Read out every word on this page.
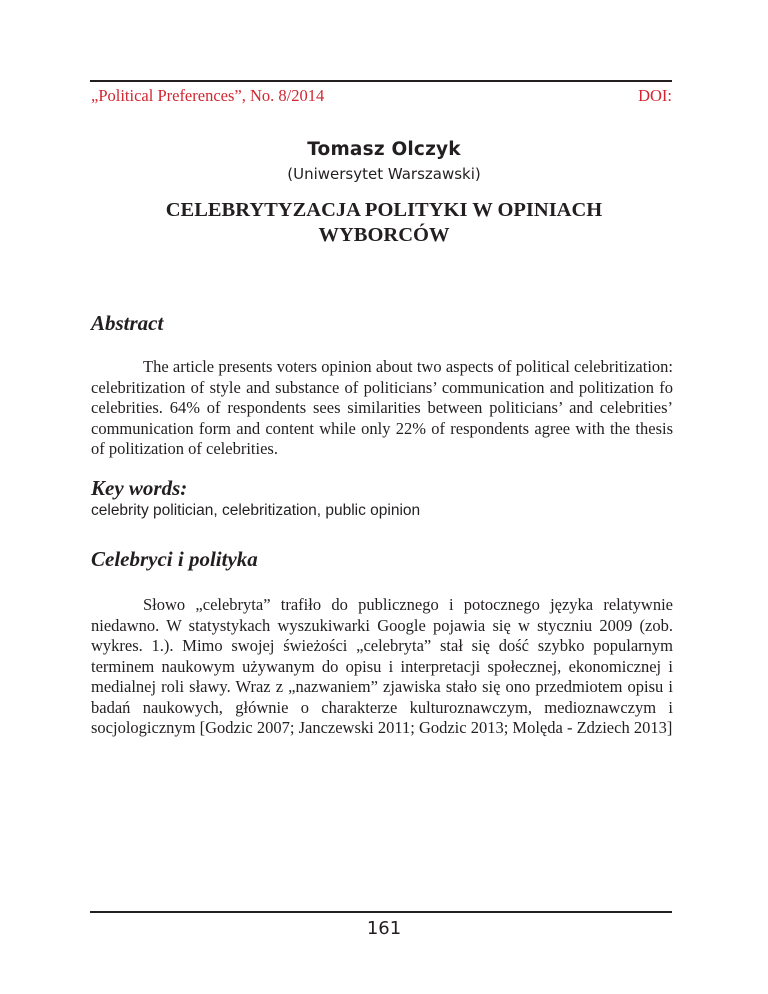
„Political Preferences”, No. 8/2014	DOI:
Tomasz Olczyk
(Uniwersytet Warszawski)
CELEBRYTYZACJA POLITYKI W OPINIACH
WYBORCÓW
Abstract
The article presents voters opinion about two aspects of political celebritization: celebritization of style and substance of politicians’ communication and politization fo celebrities. 64% of respondents sees similarities between politicians’ and celebrities’ communication form and content while only 22% of respondents agree with the thesis of politization of celebrities.
Key words:
celebrity politician, celebritization, public opinion
Celebryci i polityka
Słowo „celebryta” trafiło do publicznego i potocznego języka relatywnie niedawno. W statystykach wyszukiwarki Google pojawia się w styczniu 2009 (zob. wykres. 1.). Mimo swojej świeżości „celebryta” stał się dość szybko popularnym terminem naukowym używanym do opisu i interpretacji społecznej, ekonomicznej i medialnej roli sławy. Wraz z „nazwaniem” zjawiska stało się ono przedmiotem opisu i badań naukowych, głównie o charakterze kulturoznawczym, medioznawczym i socjologicznym [Godzic 2007; Janczewski 2011; Godzic 2013; Molęda - Zdziech 2013]
161
